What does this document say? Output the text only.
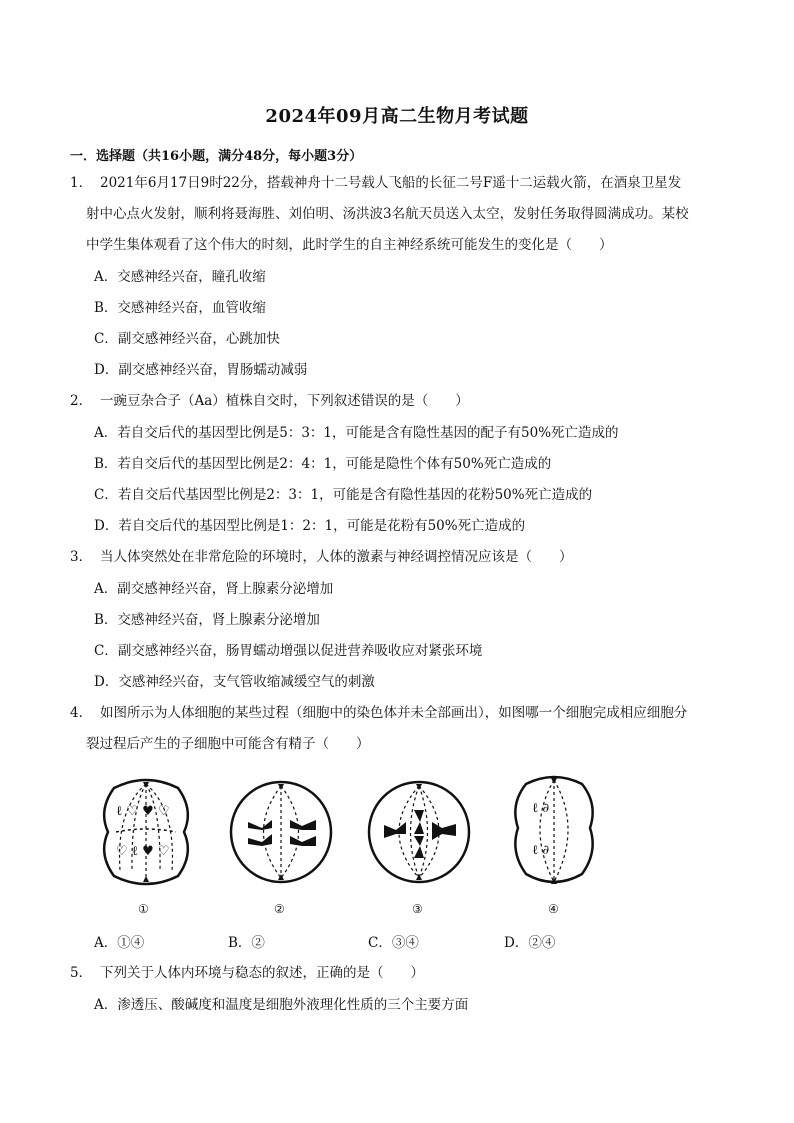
2024年09月高二生物月考试题
一．选择题（共16小题，满分48分，每小题3分）
1． 2021年6月17日9时22分，搭载神舟十二号载人飞船的长征二号F遥十二运载火箭，在酒泉卫星发
射中心点火发射，顺利将聂海胜、刘伯明、汤洪波3名航天员送入太空，发射任务取得圆满成功。某校
中学生集体观看了这个伟大的时刻，此时学生的自主神经系统可能发生的变化是（　　）
A．交感神经兴奋，瞳孔收缩
B．交感神经兴奋，血管收缩
C．副交感神经兴奋，心跳加快
D．副交感神经兴奋，胃肠蠕动减弱
2． 一豌豆杂合子（Aa）植株自交时，下列叙述错误的是（　　）
A．若自交后代的基因型比例是5：3：1，可能是含有隐性基因的配子有50%死亡造成的
B．若自交后代的基因型比例是2：4：1，可能是隐性个体有50%死亡造成的
C．若自交后代基因型比例是2：3：1，可能是含有隐性基因的花粉50%死亡造成的
D．若自交后代的基因型比例是1：2：1，可能是花粉有50%死亡造成的
3． 当人体突然处在非常危险的环境时，人体的激素与神经调控情况应该是（　　）
A．副交感神经兴奋，肾上腺素分泌增加
B．交感神经兴奋，肾上腺素分泌增加
C．副交感神经兴奋，肠胃蠕动增强以促进营养吸收应对紧张环境
D．交感神经兴奋，支气管收缩减缓空气的刺激
4． 如图所示为人体细胞的某些过程（细胞中的染色体并未全部画出），如图哪一个细胞完成相应细胞分
裂过程后产生的子细胞中可能含有精子（　　）
ℓ ♡ ♥ ♡
♡ ℓ ♥ ♡
ℓ ∂
ℓ ∂
①	②	③	④
A．①④	B．②	C．③④	D．②④
5． 下列关于人体内环境与稳态的叙述，正确的是（　　）
A．渗透压、酸碱度和温度是细胞外液理化性质的三个主要方面
